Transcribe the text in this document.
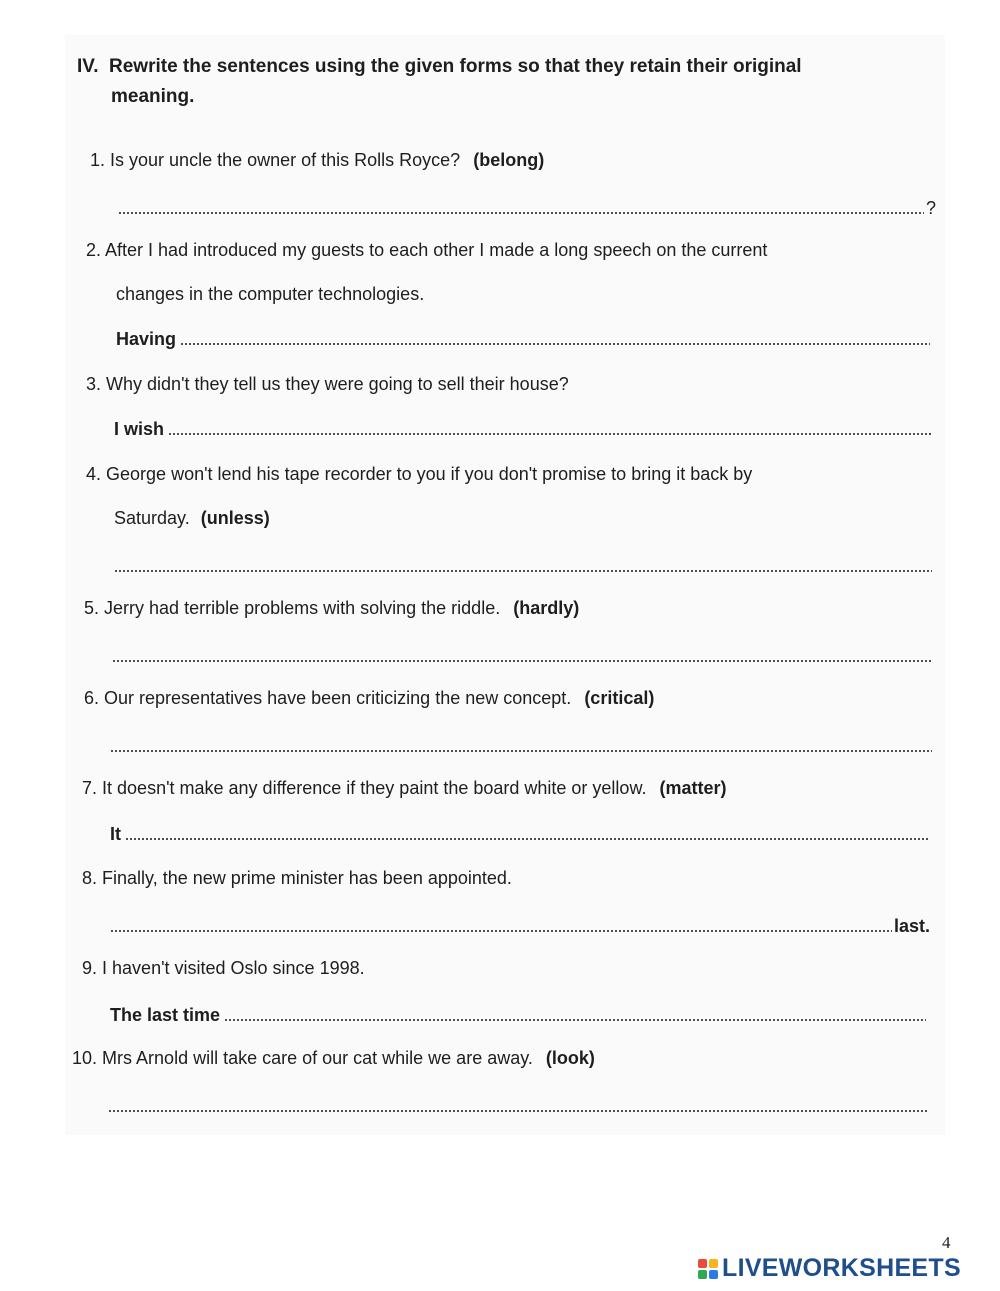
IV. Rewrite the sentences using the given forms so that they retain their original
meaning.
1. Is your uncle the owner of this Rolls Royce? (belong)
?
2. After I had introduced my guests to each other I made a long speech on the current
changes in the computer technologies.
Having
3. Why didn't they tell us they were going to sell their house?
I wish
4. George won't lend his tape recorder to you if you don't promise to bring it back by
Saturday. (unless)
5. Jerry had terrible problems with solving the riddle. (hardly)
6. Our representatives have been criticizing the new concept. (critical)
7. It doesn't make any difference if they paint the board white or yellow. (matter)
It
8. Finally, the new prime minister has been appointed.
last.
9. I haven't visited Oslo since 1998.
The last time
10. Mrs Arnold will take care of our cat while we are away. (look)
4
LIVEWORKSHEETS
